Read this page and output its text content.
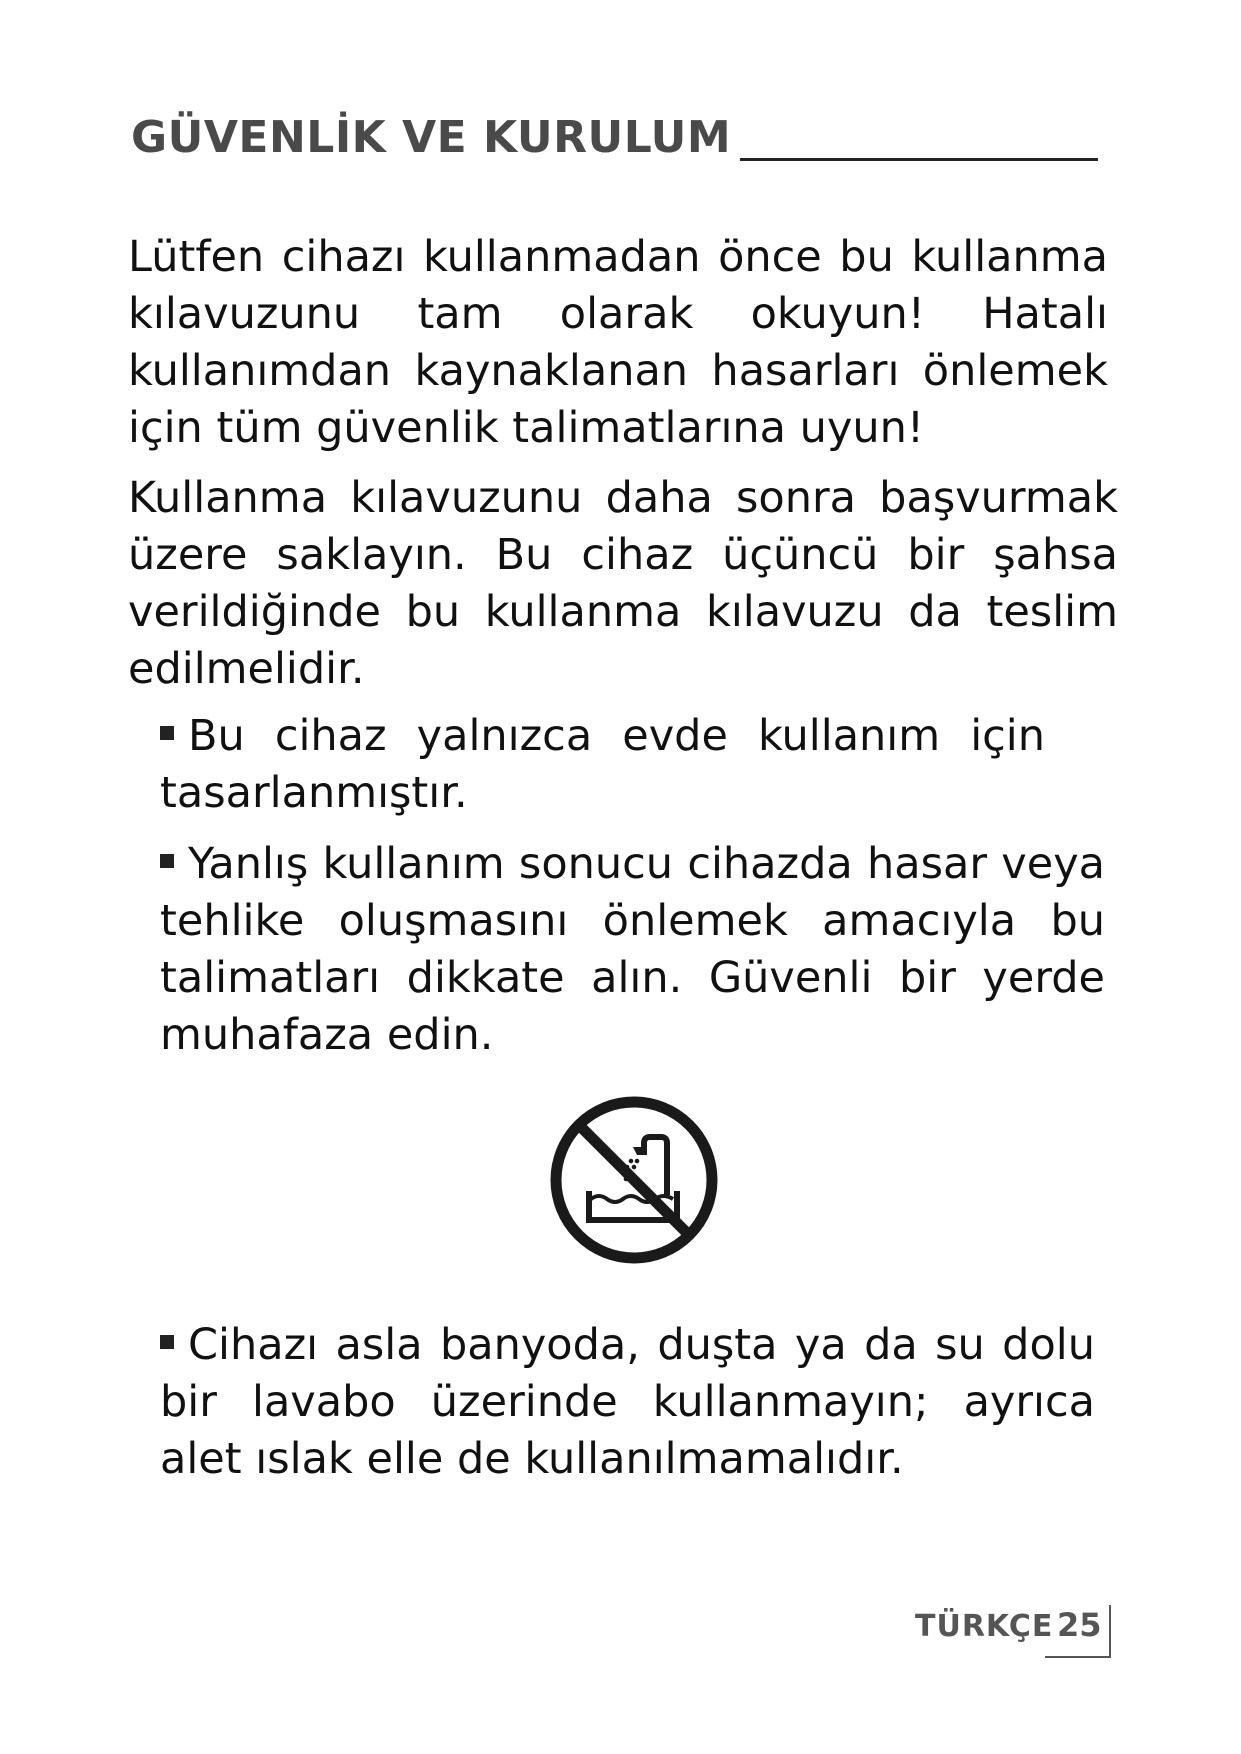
GÜVENLİK VE KURULUM

Lütfen cihazı kullanmadan önce bu kullanma kılavuzunu tam olarak okuyun! Hatalı kullanımdan kaynaklanan hasarları önlemek için tüm güvenlik talimatlarına uyun!

Kullanma kılavuzunu daha sonra başvurmak üzere saklayın. Bu cihaz üçüncü bir şahsa verildiğinde bu kullanma kılavuzu da teslim edilmelidir.

Bu cihaz yalnızca evde kullanım için tasarlanmıştır.
Yanlış kullanım sonucu cihazda hasar veya tehlike oluşmasını önlemek amacıyla bu talimatları dikkate alın. Güvenli bir yerde muhafaza edin.
Cihazı asla banyoda, duşta ya da su dolu bir lavabo üzerinde kullanmayın; ayrıca alet ıslak elle de kullanılmamalıdır.
TÜRKÇE 25
